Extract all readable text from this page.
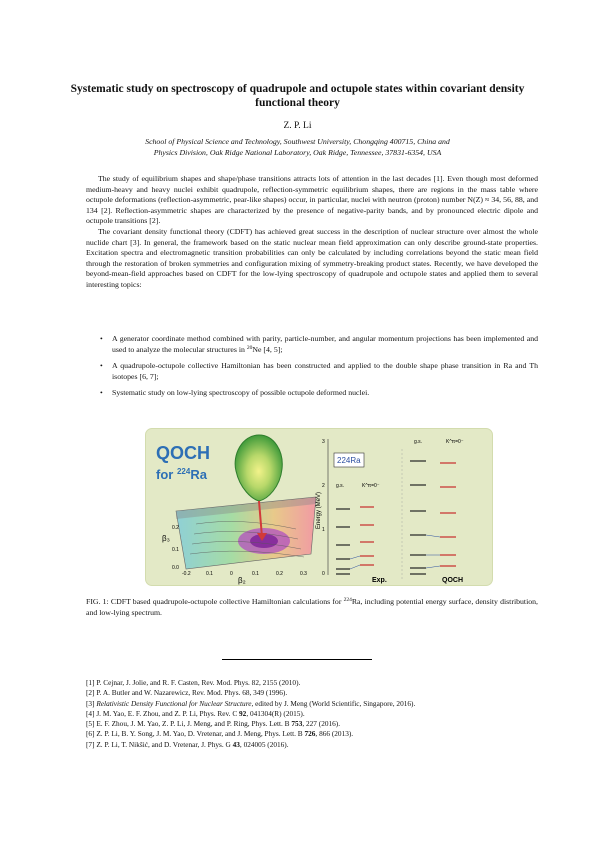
Systematic study on spectroscopy of quadrupole and octupole states within covariant density functional theory
Z. P. Li
School of Physical Science and Technology, Southwest University, Chongqing 400715, China and
Physics Division, Oak Ridge National Laboratory, Oak Ridge, Tennessee, 37831-6354, USA

The study of equilibrium shapes and shape/phase transitions attracts lots of attention in the last decades [1]. Even though most deformed medium-heavy and heavy nuclei exhibit quadrupole, reflection-symmetric equilibrium shapes, there are regions in the mass table where octupole deformations (reflection-asymmetric, pear-like shapes) occur, in particular, nuclei with neutron (proton) number N(Z) ≈ 34, 56, 88, and 134 [2]. Reflection-asymmetric shapes are characterized by the presence of negative-parity bands, and by pronounced electric dipole and octupole transitions [2].

The covariant density functional theory (CDFT) has achieved great success in the description of nuclear structure over almost the whole nuclide chart [3]. In general, the framework based on the static nuclear mean field approximation can only describe ground-state properties. Excitation spectra and electromagnetic transition probabilities can only be calculated by including correlations beyond the static mean field through the restoration of broken symmetries and configuration mixing of symmetry-breaking product states. Recently, we have developed the beyond-mean-field approaches based on CDFT for the low-lying spectroscopy of quadrupole and octupole states and applied them to several interesting topics:

• A generator coordinate method combined with parity, particle-number, and angular momentum projections has been implemented and used to analyze the molecular structures in $^{20}$Ne [4, 5];
• A quadrupole-octupole collective Hamiltonian has been constructed and applied to the double shape phase transition in Ra and Th isotopes [6, 7];
• Systematic study on low-lying spectroscopy of possible octupole deformed nuclei.
QOCH
for $^{224}$Ra
β₃
β₂
0.2
0.1
0.0
-0.2	0.1	0	0.1	0.2	0.3
Energy (MeV)
3
2
1
0
224Ra
g.s.	K^π=0⁻
g.s.	K^π=0⁻
Exp.	QOCH
FIG. 1: CDFT based quadrupole-octupole collective Hamiltonian calculations for $^{224}$Ra, including potential energy surface, density distribution, and low-lying spectrum.
[1] P. Cejnar, J. Jolie, and R. F. Casten, Rev. Mod. Phys. 82, 2155 (2010).
[2] P. A. Butler and W. Nazarewicz, Rev. Mod. Phys. 68, 349 (1996).
[3] Relativistic Density Functional for Nuclear Structure, edited by J. Meng (World Scientific, Singapore, 2016).
[4] J. M. Yao, E. F. Zhou, and Z. P. Li, Phys. Rev. C 92, 041304(R) (2015).
[5] E. F. Zhou, J. M. Yao, Z. P. Li, J. Meng, and P. Ring, Phys. Lett. B 753, 227 (2016).
[6] Z. P. Li, B. Y. Song, J. M. Yao, D. Vretenar, and J. Meng, Phys. Lett. B 726, 866 (2013).
[7] Z. P. Li, T. Nikšić, and D. Vretenar, J. Phys. G 43, 024005 (2016).
